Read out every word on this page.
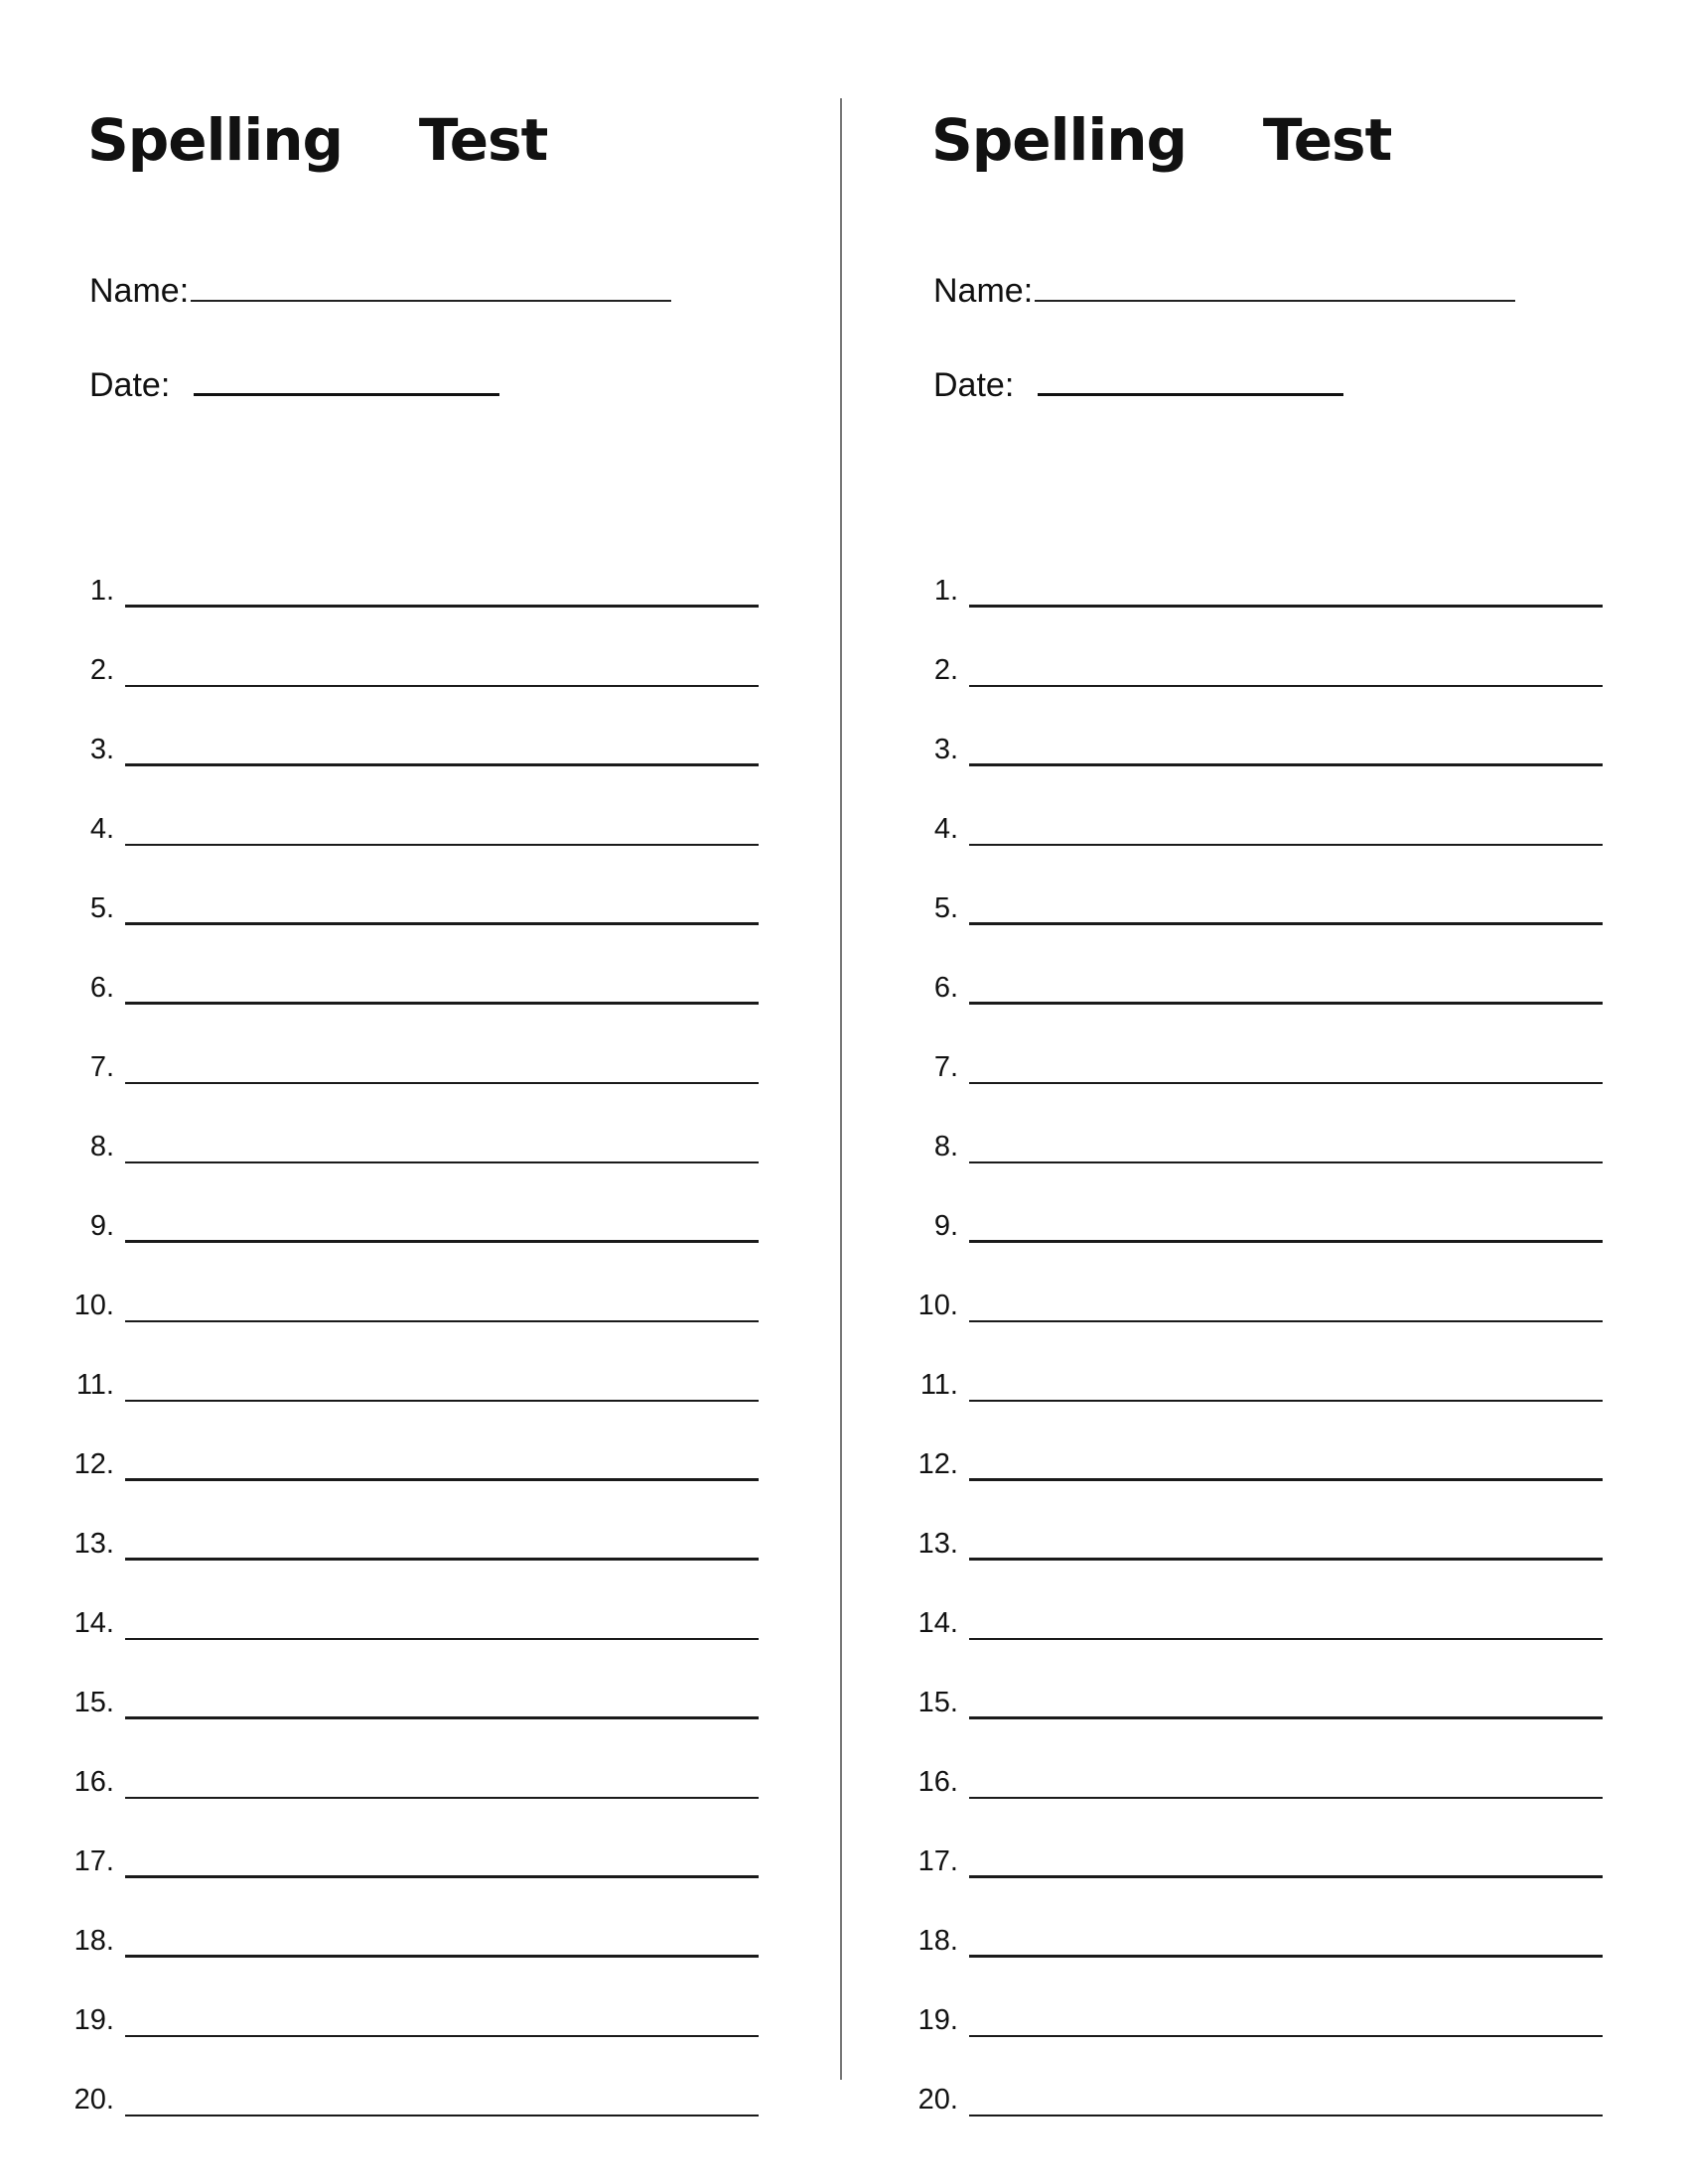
Spelling    Test
Name:
Date:
1.
2.
3.
4.
5.
6.
7.
8.
9.
10.
11.
12.
13.
14.
15.
16.
17.
18.
19.
20.
Spelling    Test
Name:
Date:
1.
2.
3.
4.
5.
6.
7.
8.
9.
10.
11.
12.
13.
14.
15.
16.
17.
18.
19.
20.
